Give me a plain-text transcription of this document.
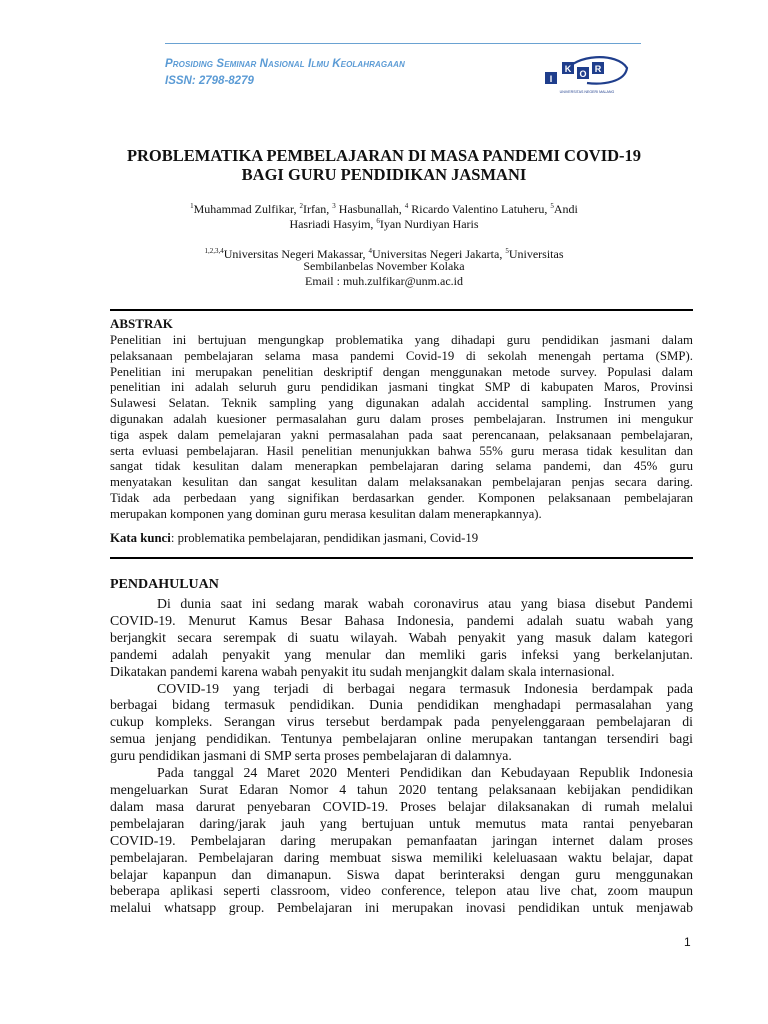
Prosiding Seminar Nasional Ilmu Keolahragaan
ISSN: 2798-8279	I
K O R
UNIVERSITAS NEGERI MALANG
PROBLEMATIKA PEMBELAJARAN DI MASA PANDEMI COVID-19
BAGI GURU PENDIDIKAN JASMANI
$^1$Muhammad Zulfikar, $^2$Irfan, $^3$ Hasbunallah, $^4$ Ricardo Valentino Latuheru, $^5$Andi
Hasriadi Hasyim, $^6$Iyan Nurdiyan Haris
$^{1,2,3,4}$Universitas Negeri Makassar, $^4$Universitas Negeri Jakarta, $^5$Universitas
Sembilanbelas November Kolaka
Email : muh.zulfikar@unm.ac.id
ABSTRAK
Penelitian ini bertujuan mengungkap problematika yang dihadapi guru pendidikan jasmani dalam
pelaksanaan pembelajaran selama masa pandemi Covid-19 di sekolah menengah pertama (SMP).
Penelitian ini merupakan penelitian deskriptif dengan menggunakan metode survey. Populasi dalam
penelitian ini adalah seluruh guru pendidikan jasmani tingkat SMP di kabupaten Maros, Provinsi
Sulawesi Selatan. Teknik sampling yang digunakan adalah accidental sampling. Instrumen yang
digunakan adalah kuesioner permasalahan guru dalam proses pembelajaran. Instrumen ini mengukur
tiga aspek dalam pemelajaran yakni permasalahan pada saat perencanaan, pelaksanaan pembelajaran,
serta evluasi pembelajaran. Hasil penelitian menunjukkan bahwa 55% guru merasa tidak kesulitan dan
sangat tidak kesulitan dalam menerapkan pembelajaran daring selama pandemi, dan 45% guru
menyatakan kesulitan dan sangat kesulitan dalam melaksanakan pembelajaran penjas secara daring.
Tidak ada perbedaan yang signifikan berdasarkan gender. Komponen pelaksanaan pembelajaran
merupakan komponen yang dominan guru merasa kesulitan dalam menerapkannya).
Kata kunci: problematika pembelajaran, pendidikan jasmani, Covid-19
PENDAHULUAN
Di dunia saat ini sedang marak wabah coronavirus atau yang biasa disebut Pandemi
COVID-19. Menurut Kamus Besar Bahasa Indonesia, pandemi adalah suatu wabah yang
berjangkit secara serempak di suatu wilayah. Wabah penyakit yang masuk dalam kategori
pandemi adalah penyakit yang menular dan memliki garis infeksi yang berkelanjutan.
Dikatakan pandemi karena wabah penyakit itu sudah menjangkit dalam skala internasional.
COVID-19 yang terjadi di berbagai negara termasuk Indonesia berdampak pada
berbagai bidang termasuk pendidikan. Dunia pendidikan menghadapi permasalahan yang
cukup kompleks. Serangan virus tersebut berdampak pada penyelenggaraan pembelajaran di
semua jenjang pendidikan. Tentunya pembelajaran online merupakan tantangan tersendiri bagi
guru pendidikan jasmani di SMP serta proses pembelajaran di dalamnya.
Pada tanggal 24 Maret 2020 Menteri Pendidikan dan Kebudayaan Republik Indonesia
mengeluarkan Surat Edaran Nomor 4 tahun 2020 tentang pelaksanaan kebijakan pendidikan
dalam masa darurat penyebaran COVID-19. Proses belajar dilaksanakan di rumah melalui
pembelajaran daring/jarak jauh yang bertujuan untuk memutus mata rantai penyebaran
COVID-19. Pembelajaran daring merupakan pemanfaatan jaringan internet dalam proses
pembelajaran. Pembelajaran daring membuat siswa memiliki keleluasaan waktu belajar, dapat
belajar kapanpun dan dimanapun. Siswa dapat berinteraksi dengan guru menggunakan
beberapa aplikasi seperti classroom, video conference, telepon atau live chat, zoom maupun
melalui whatsapp group. Pembelajaran ini merupakan inovasi pendidikan untuk menjawab
1
